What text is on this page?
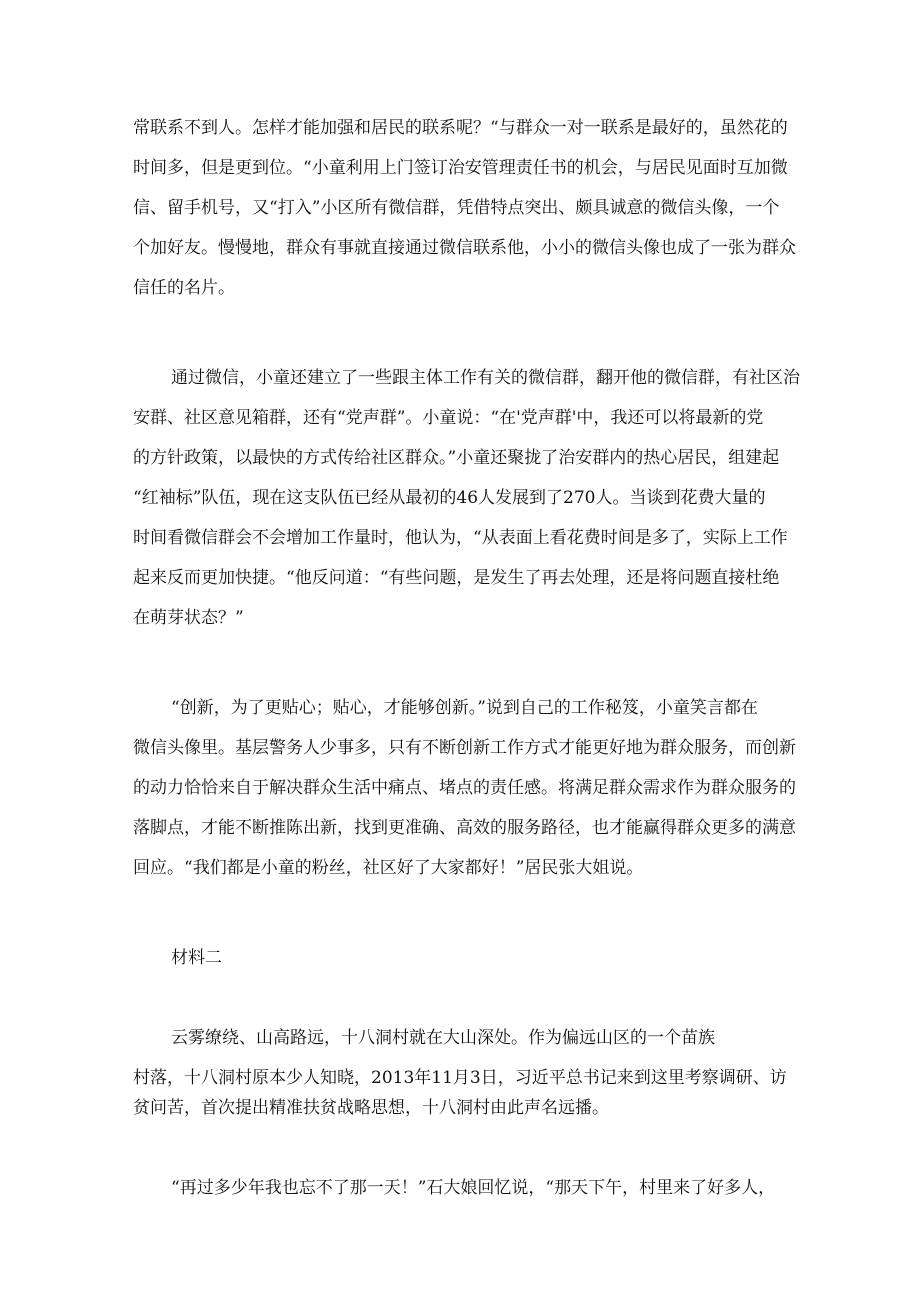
常联系不到人。怎样才能加强和居民的联系呢？“与群众一对一联系是最好的，虽然花的
时间多，但是更到位。“小童利用上门签订治安管理责任书的机会，与居民见面时互加微
信、留手机号，又“打入”小区所有微信群，凭借特点突出、颇具诚意的微信头像，一个
个加好友。慢慢地，群众有事就直接通过微信联系他，小小的微信头像也成了一张为群众
信任的名片。
通过微信，小童还建立了一些跟主体工作有关的微信群，翻开他的微信群，有社区治
安群、社区意见箱群，还有“党声群”。小童说：“在'党声群'中，我还可以将最新的党
的方针政策，以最快的方式传给社区群众。”小童还聚拢了治安群内的热心居民，组建起
“红袖标”队伍，现在这支队伍已经从最初的46人发展到了270人。当谈到花费大量的
时间看微信群会不会增加工作量时，他认为，“从表面上看花费时间是多了，实际上工作
起来反而更加快捷。“他反问道：“有些问题，是发生了再去处理，还是将问题直接杜绝
在萌芽状态？”
“创新，为了更贴心；贴心，才能够创新。”说到自己的工作秘笈，小童笑言都在
微信头像里。基层警务人少事多，只有不断创新工作方式才能更好地为群众服务，而创新
的动力恰恰来自于解决群众生活中痛点、堵点的责任感。将满足群众需求作为群众服务的
落脚点，才能不断推陈出新，找到更准确、高效的服务路径，也才能赢得群众更多的满意
回应。“我们都是小童的粉丝，社区好了大家都好！”居民张大姐说。
材料二
云雾缭绕、山高路远，十八洞村就在大山深处。作为偏远山区的一个苗族
村落，十八洞村原本少人知晓，2013年11月3日，习近平总书记来到这里考察调研、访
贫问苦，首次提出精准扶贫战略思想，十八洞村由此声名远播。
“再过多少年我也忘不了那一天！”石大娘回忆说，“那天下午，村里来了好多人，
